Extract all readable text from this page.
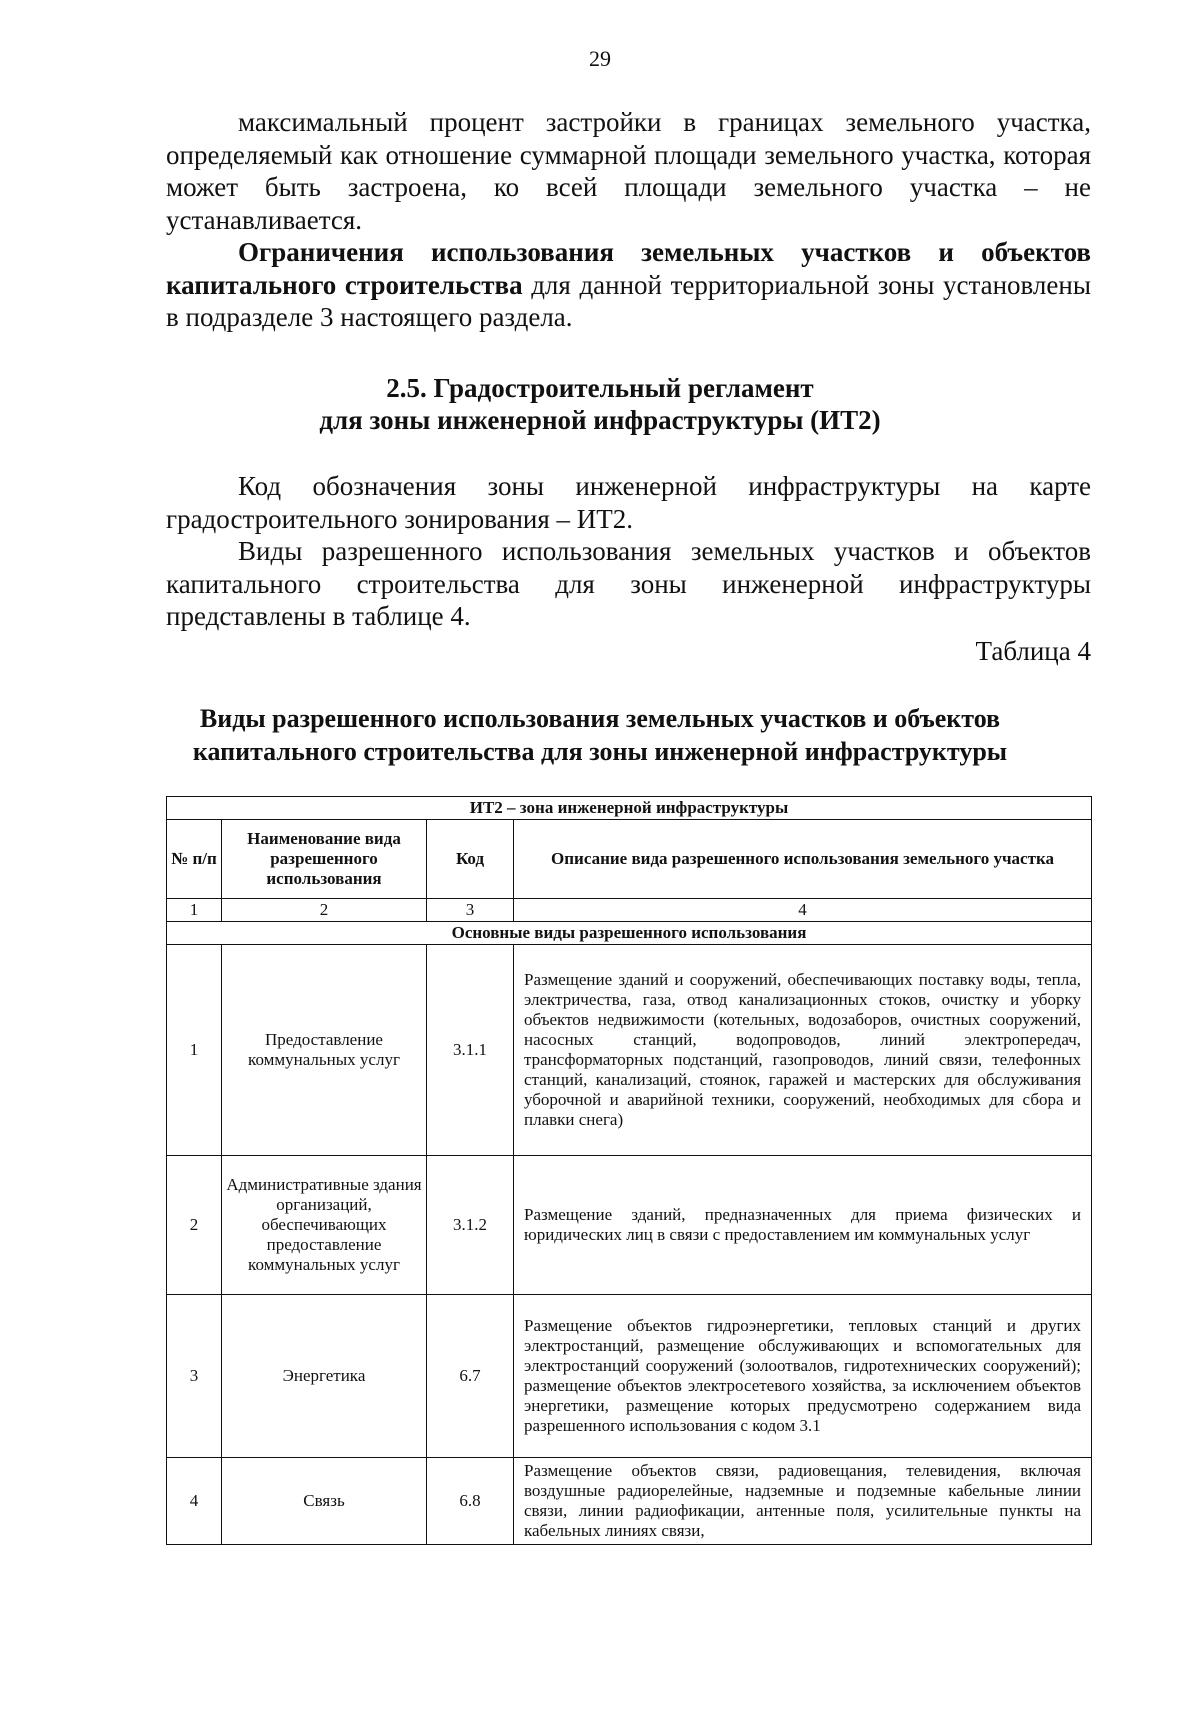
29

максимальный процент застройки в границах земельного участка, определяемый как отношение суммарной площади земельного участка, которая может быть застроена, ко всей площади земельного участка – не устанавливается.

Ограничения использования земельных участков и объектов капитального строительства для данной территориальной зоны установлены в подразделе 3 настоящего раздела.

2.5. Градостроительный регламент
для зоны инженерной инфраструктуры (ИТ2)

Код обозначения зоны инженерной инфраструктуры на карте градостроительного зонирования – ИТ2.

Виды разрешенного использования земельных участков и объектов капитального строительства для зоны инженерной инфраструктуры представлены в таблице 4.

Таблица 4
Виды разрешенного использования земельных участков и объектов
капитального строительства для зоны инженерной инфраструктуры
ИТ2 – зона инженерной инфраструктуры			
№ п/п	Наименование вида разрешенного использования	Код	Описание вида разрешенного использования земельного участка
1	2	3	4
Основные виды разрешенного использования			
1	Предоставление коммунальных услуг	3.1.1	Размещение зданий и сооружений, обеспечивающих поставку воды, тепла, электричества, газа, отвод канализационных стоков, очистку и уборку объектов недвижимости (котельных, водозаборов, очистных сооружений, насосных станций, водопроводов, линий электропередач, трансформаторных подстанций, газопроводов, линий связи, телефонных станций, канализаций, стоянок, гаражей и мастерских для обслуживания уборочной и аварийной техники, сооружений, необходимых для сбора и плавки снега)
2	Административные здания организаций, обеспечивающих предоставление коммунальных услуг	3.1.2	Размещение зданий, предназначенных для приема физических и юридических лиц в связи с предоставлением им коммунальных услуг
3	Энергетика	6.7	Размещение объектов гидроэнергетики, тепловых станций и других электростанций, размещение обслуживающих и вспомогательных для электростанций сооружений (золоотвалов, гидротехнических сооружений); размещение объектов электросетевого хозяйства, за исключением объектов энергетики, размещение которых предусмотрено содержанием вида разрешенного использования с кодом 3.1
4	Связь	6.8	Размещение объектов связи, радиовещания, телевидения, включая воздушные радиорелейные, надземные и подземные кабельные линии связи, линии радиофикации, антенные поля, усилительные пункты на кабельных линиях связи,
